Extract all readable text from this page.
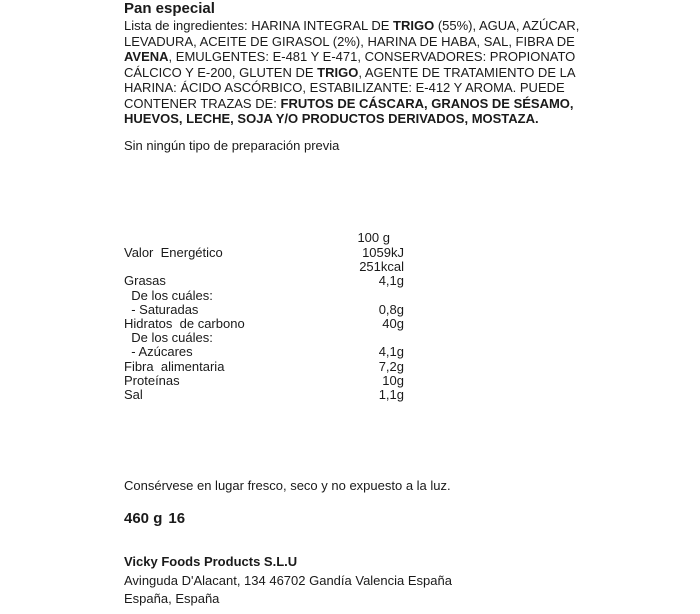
Pan especial
Lista de ingredientes: HARINA INTEGRAL DE TRIGO (55%), AGUA, AZÚCAR, LEVADURA, ACEITE DE GIRASOL (2%), HARINA DE HABA, SAL, FIBRA DE AVENA, EMULGENTES: E-481 Y E-471, CONSERVADORES: PROPIONATO CÁLCICO Y E-200, GLUTEN DE TRIGO, AGENTE DE TRATAMIENTO DE LA HARINA: ÁCIDO ASCÓRBICO, ESTABILIZANTE: E-412 Y AROMA. PUEDE CONTENER TRAZAS DE: FRUTOS DE CÁSCARA, GRANOS DE SÉSAMO, HUEVOS, LECHE, SOJA Y/O PRODUCTOS DERIVADOS, MOSTAZA.
Sin ningún tipo de preparación previa
100 g
Valor  Energético	1059kJ
251kcal
Grasas	4,1g
De los cuáles:
- Saturadas	0,8g
Hidratos  de carbono	40g
De los cuáles:
- Azúcares	4,1g
Fibra  alimentaria	7,2g
Proteínas	10g
Sal	1,1g
Consérvese en lugar fresco, seco y no expuesto a la luz.
460 g 16
Vicky Foods Products S.L.U
Avinguda D'Alacant, 134 46702 Gandía Valencia España
España, España
